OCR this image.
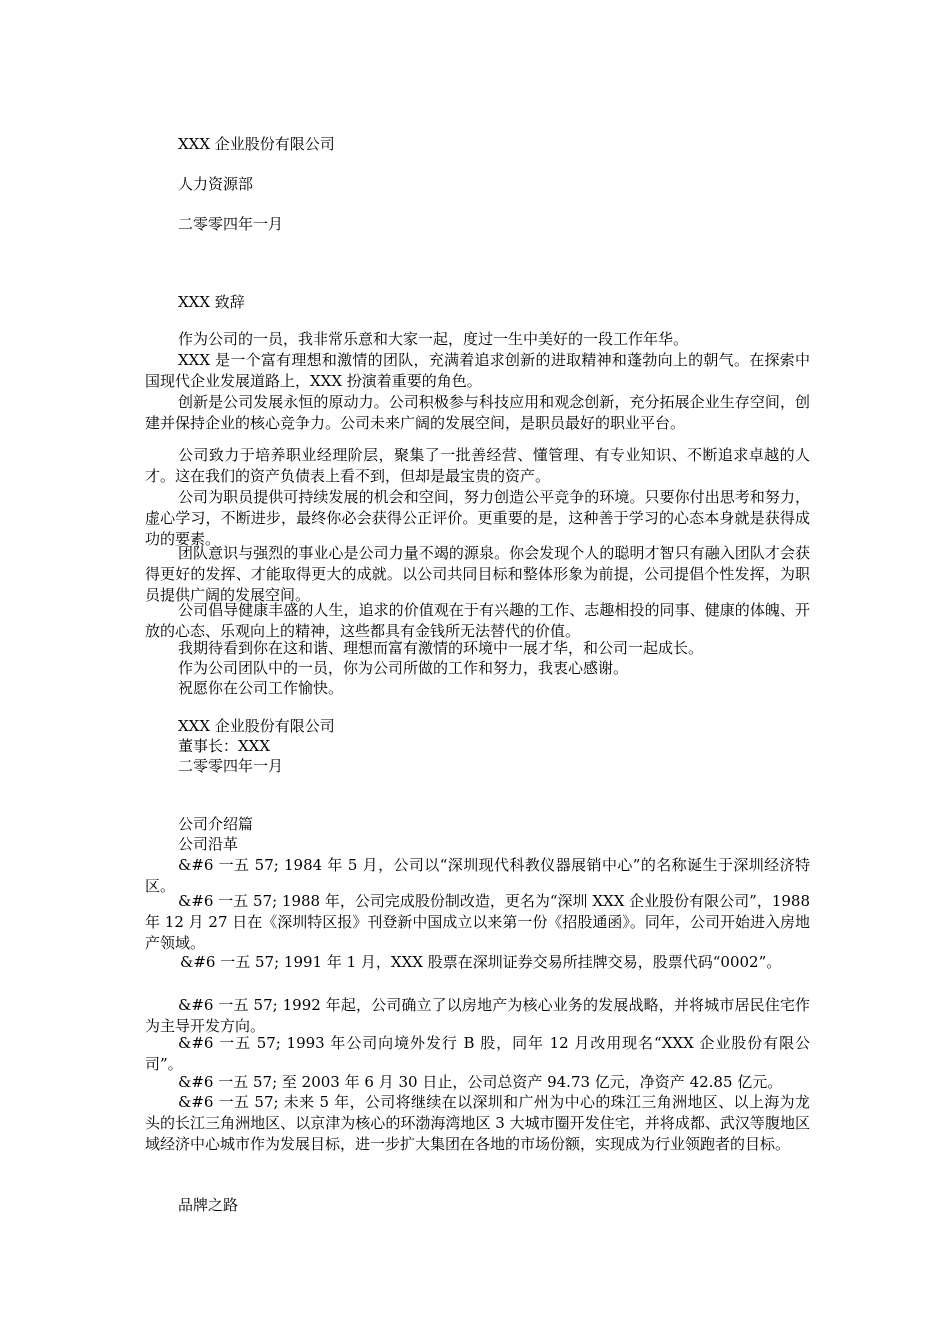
XXX 企业股份有限公司
人力资源部
二零零四年一月
XXX 致辞
作为公司的一员，我非常乐意和大家一起，度过一生中美好的一段工作年华。
XXX 是一个富有理想和激情的团队，充满着追求创新的进取精神和蓬勃向上的朝气。在探索中国现代企业发展道路上，XXX 扮演着重要的角色。
创新是公司发展永恒的原动力。公司积极参与科技应用和观念创新，充分拓展企业生存空间，创建并保持企业的核心竞争力。公司未来广阔的发展空间，是职员最好的职业平台。
公司致力于培养职业经理阶层，聚集了一批善经营、懂管理、有专业知识、不断追求卓越的人才。这在我们的资产负债表上看不到，但却是最宝贵的资产。
公司为职员提供可持续发展的机会和空间，努力创造公平竞争的环境。只要你付出思考和努力，虚心学习，不断进步，最终你必会获得公正评价。更重要的是，这种善于学习的心态本身就是获得成功的要素。
团队意识与强烈的事业心是公司力量不竭的源泉。你会发现个人的聪明才智只有融入团队才会获得更好的发挥、才能取得更大的成就。以公司共同目标和整体形象为前提，公司提倡个性发挥，为职员提供广阔的发展空间。
公司倡导健康丰盛的人生，追求的价值观在于有兴趣的工作、志趣相投的同事、健康的体魄、开放的心态、乐观向上的精神，这些都具有金钱所无法替代的价值。
我期待看到你在这和谐、理想而富有激情的环境中一展才华，和公司一起成长。
作为公司团队中的一员，你为公司所做的工作和努力，我衷心感谢。
祝愿你在公司工作愉快。
XXX 企业股份有限公司
董事长：XXX
二零零四年一月
公司介绍篇
公司沿革
&#6 一五 57; 1984 年 5 月，公司以“深圳现代科教仪器展销中心”的名称诞生于深圳经济特区。
&#6 一五 57; 1988 年，公司完成股份制改造，更名为“深圳 XXX 企业股份有限公司”，1988 年 12 月 27 日在《深圳特区报》刊登新中国成立以来第一份《招股通函》。同年，公司开始进入房地产领域。
&#6 一五 57; 1991 年 1 月，XXX 股票在深圳证券交易所挂牌交易，股票代码“0002”。
&#6 一五 57; 1992 年起，公司确立了以房地产为核心业务的发展战略，并将城市居民住宅作为主导开发方向。
&#6 一五 57; 1993 年公司向境外发行 B 股，同年 12 月改用现名“XXX 企业股份有限公司”。
&#6 一五 57; 至 2003 年 6 月 30 日止，公司总资产 94.73 亿元，净资产 42.85 亿元。
&#6 一五 57; 未来 5 年，公司将继续在以深圳和广州为中心的珠江三角洲地区、以上海为龙头的长江三角洲地区、以京津为核心的环渤海湾地区 3 大城市圈开发住宅，并将成都、武汉等腹地区域经济中心城市作为发展目标，进一步扩大集团在各地的市场份额，实现成为行业领跑者的目标。
品牌之路
